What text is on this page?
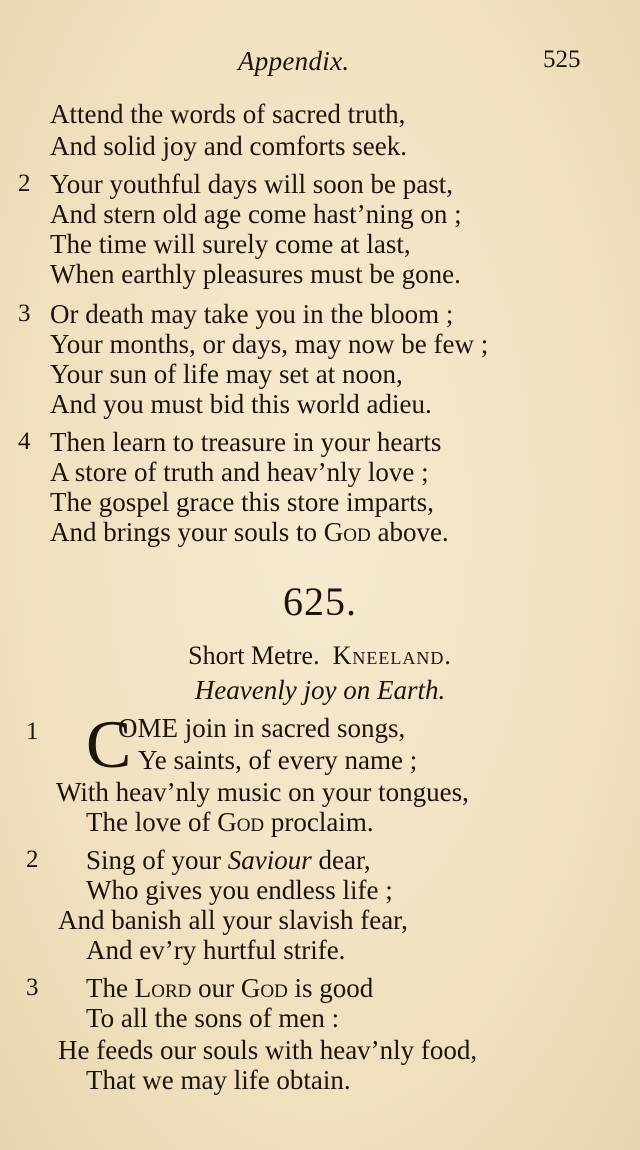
Appendix.	525
Attend the words of sacred truth,
And solid joy and comforts seek.
2 Your youthful days will soon be past,
And stern old age come hast’ning on ;
The time will surely come at last,
When earthly pleasures must be gone.
3 Or death may take you in the bloom ;
Your months, or days, may now be few ;
Your sun of life may set at noon,
And you must bid this world adieu.
4 Then learn to treasure in your hearts
A store of truth and heav’nly love ;
The gospel grace this store imparts,
And brings your souls to God above.
625.
Short Metre. Kneeland.
Heavenly joy on Earth.
1 C
OME join in sacred songs,
Ye saints, of every name ;
With heav’nly music on your tongues,
The love of God proclaim.
2 Sing of your Saviour dear,
Who gives you endless life ;
And banish all your slavish fear,
And ev’ry hurtful strife.
3 The Lord our God is good
To all the sons of men :
He feeds our souls with heav’nly food,
That we may life obtain.
